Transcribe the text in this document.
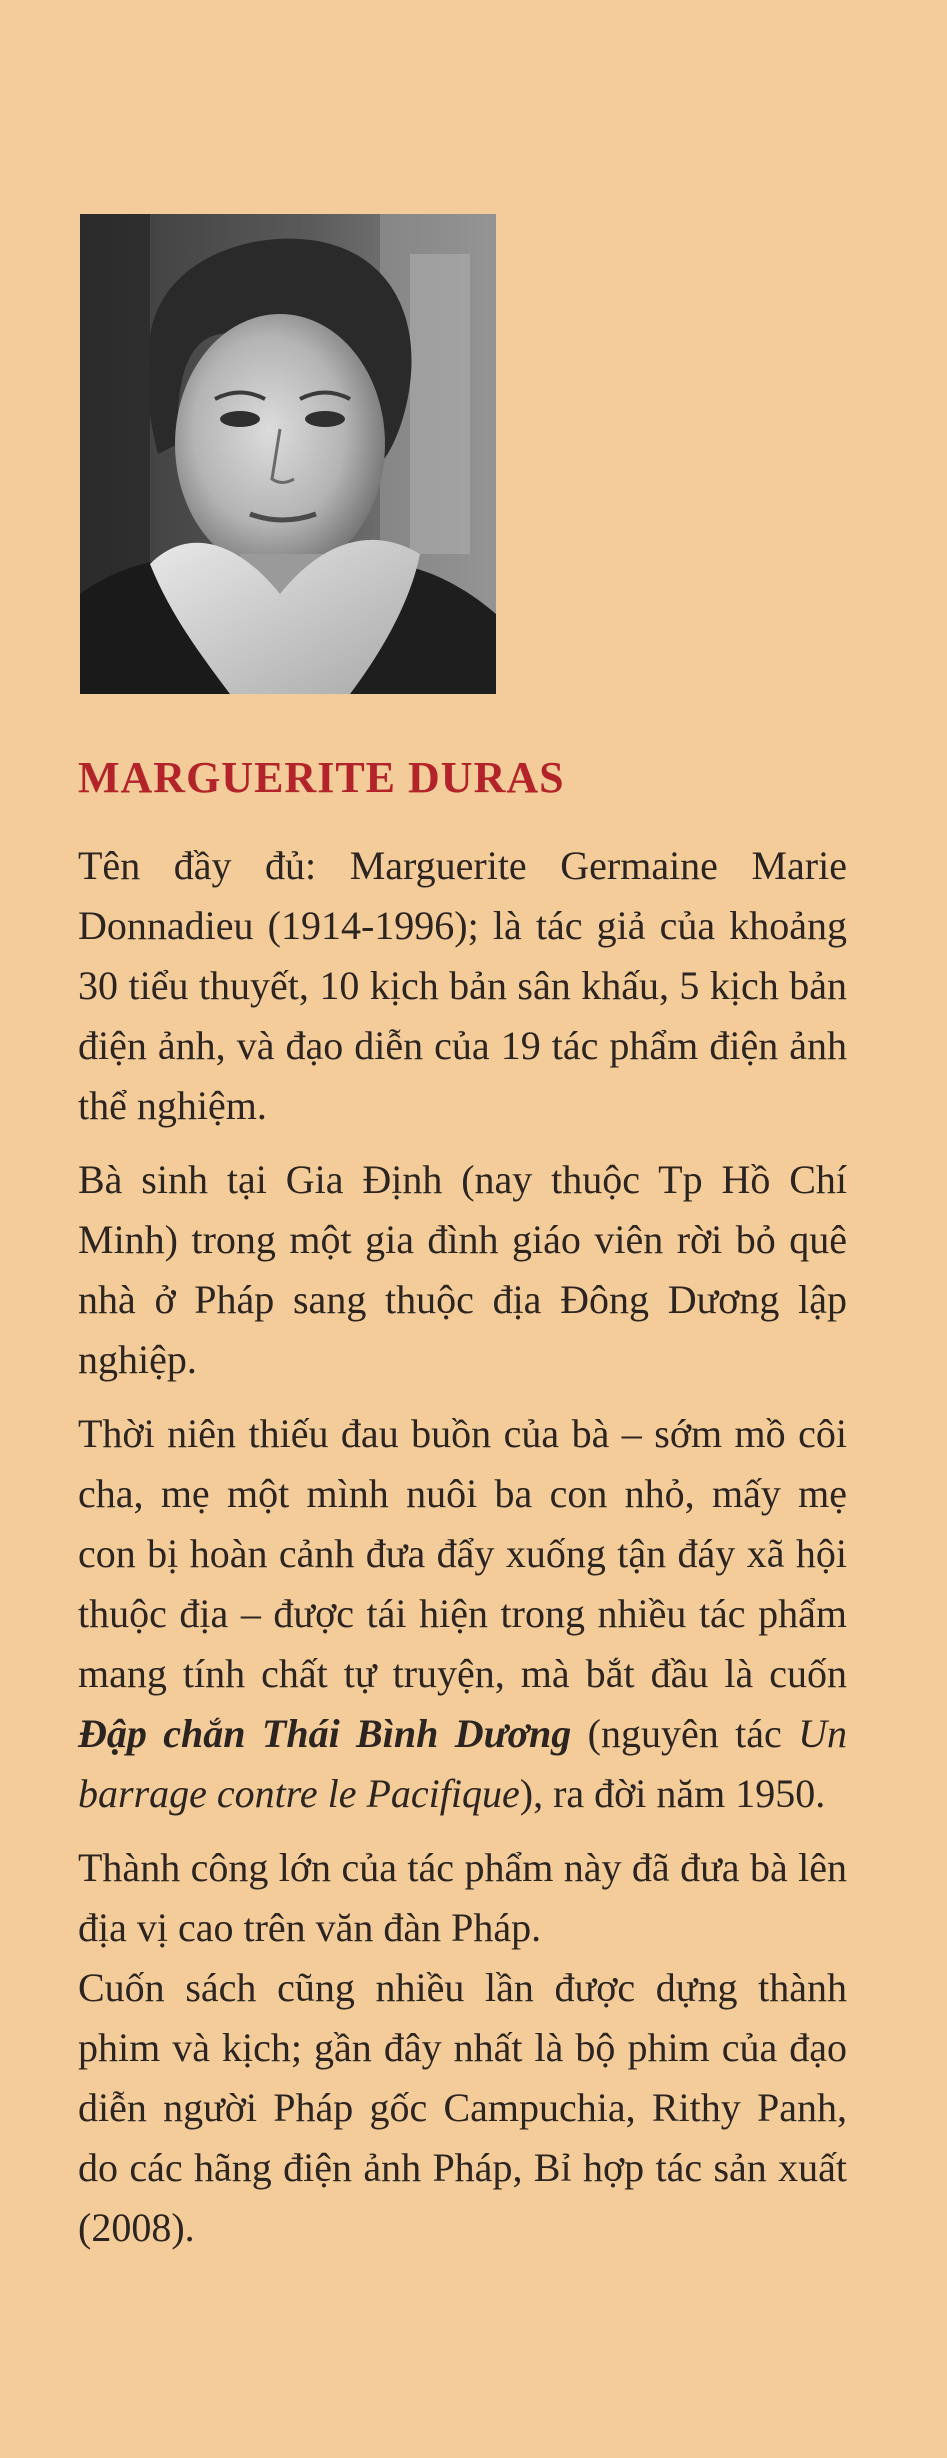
MARGUERITE DURAS

Tên đầy đủ: Marguerite Germaine Marie Donnadieu (1914-1996); là tác giả của khoảng 30 tiểu thuyết, 10 kịch bản sân khấu, 5 kịch bản điện ảnh, và đạo diễn của 19 tác phẩm điện ảnh thể nghiệm.

Bà sinh tại Gia Định (nay thuộc Tp Hồ Chí Minh) trong một gia đình giáo viên rời bỏ quê nhà ở Pháp sang thuộc địa Đông Dương lập nghiệp.

Thời niên thiếu đau buồn của bà – sớm mồ côi cha, mẹ một mình nuôi ba con nhỏ, mấy mẹ con bị hoàn cảnh đưa đẩy xuống tận đáy xã hội thuộc địa – được tái hiện trong nhiều tác phẩm mang tính chất tự truyện, mà bắt đầu là cuốn Đập chắn Thái Bình Dương (nguyên tác Un barrage contre le Pacifique), ra đời năm 1950.

Thành công lớn của tác phẩm này đã đưa bà lên địa vị cao trên văn đàn Pháp.

Cuốn sách cũng nhiều lần được dựng thành phim và kịch; gần đây nhất là bộ phim của đạo diễn người Pháp gốc Campuchia, Rithy Panh, do các hãng điện ảnh Pháp, Bỉ hợp tác sản xuất (2008).
